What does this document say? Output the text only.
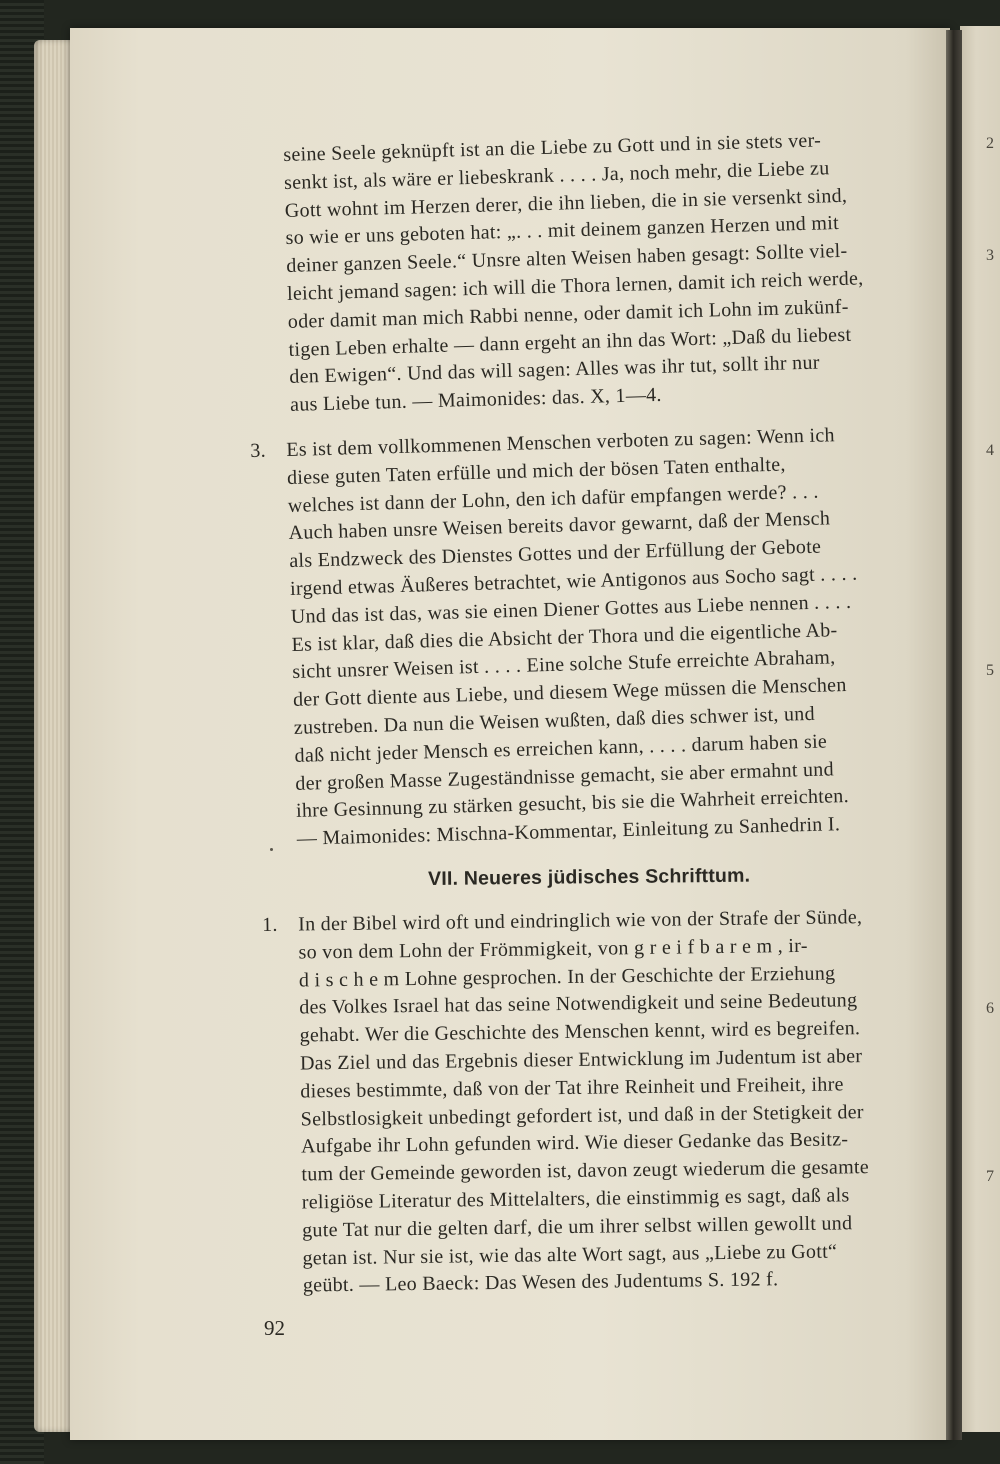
2
3
4
5
6
7
seine Seele geknüpft ist an die Liebe zu Gott und in sie stets ver-
senkt ist, als wäre er liebeskrank . . . . Ja, noch mehr, die Liebe zu
Gott wohnt im Herzen derer, die ihn lieben, die in sie versenkt sind,
so wie er uns geboten hat: „. . . mit deinem ganzen Herzen und mit
deiner ganzen Seele.“ Unsre alten Weisen haben gesagt: Sollte viel-
leicht jemand sagen: ich will die Thora lernen, damit ich reich werde,
oder damit man mich Rabbi nenne, oder damit ich Lohn im zukünf-
tigen Leben erhalte — dann ergeht an ihn das Wort: „Daß du liebest
den Ewigen“. Und das will sagen: Alles was ihr tut, sollt ihr nur
aus Liebe tun. — Maimonides: das. X, 1—4.
3. Es ist dem vollkommenen Menschen verboten zu sagen: Wenn ich
diese guten Taten erfülle und mich der bösen Taten enthalte,
welches ist dann der Lohn, den ich dafür empfangen werde? . . .
Auch haben unsre Weisen bereits davor gewarnt, daß der Mensch
als Endzweck des Dienstes Gottes und der Erfüllung der Gebote
irgend etwas Äußeres betrachtet, wie Antigonos aus Socho sagt . . . .
Und das ist das, was sie einen Diener Gottes aus Liebe nennen . . . .
Es ist klar, daß dies die Absicht der Thora und die eigentliche Ab-
sicht unsrer Weisen ist . . . . Eine solche Stufe erreichte Abraham,
der Gott diente aus Liebe, und diesem Wege müssen die Menschen
zustreben. Da nun die Weisen wußten, daß dies schwer ist, und
daß nicht jeder Mensch es erreichen kann, . . . . darum haben sie
der großen Masse Zugeständnisse gemacht, sie aber ermahnt und
ihre Gesinnung zu stärken gesucht, bis sie die Wahrheit erreichten.
— Maimonides: Mischna-Kommentar, Einleitung zu Sanhedrin I.
VII. Neueres jüdisches Schrifttum.
1. In der Bibel wird oft und eindringlich wie von der Strafe der Sünde,
so von dem Lohn der Frömmigkeit, von g r e i f b a r e m , ir-
d i s c h e m Lohne gesprochen. In der Geschichte der Erziehung
des Volkes Israel hat das seine Notwendigkeit und seine Bedeutung
gehabt. Wer die Geschichte des Menschen kennt, wird es begreifen.
Das Ziel und das Ergebnis dieser Entwicklung im Judentum ist aber
dieses bestimmte, daß von der Tat ihre Reinheit und Freiheit, ihre
Selbstlosigkeit unbedingt gefordert ist, und daß in der Stetigkeit der
Aufgabe ihr Lohn gefunden wird. Wie dieser Gedanke das Besitz-
tum der Gemeinde geworden ist, davon zeugt wiederum die gesamte
religiöse Literatur des Mittelalters, die einstimmig es sagt, daß als
gute Tat nur die gelten darf, die um ihrer selbst willen gewollt und
getan ist. Nur sie ist, wie das alte Wort sagt, aus „Liebe zu Gott“
geübt. — Leo Baeck: Das Wesen des Judentums S. 192 f.
92
